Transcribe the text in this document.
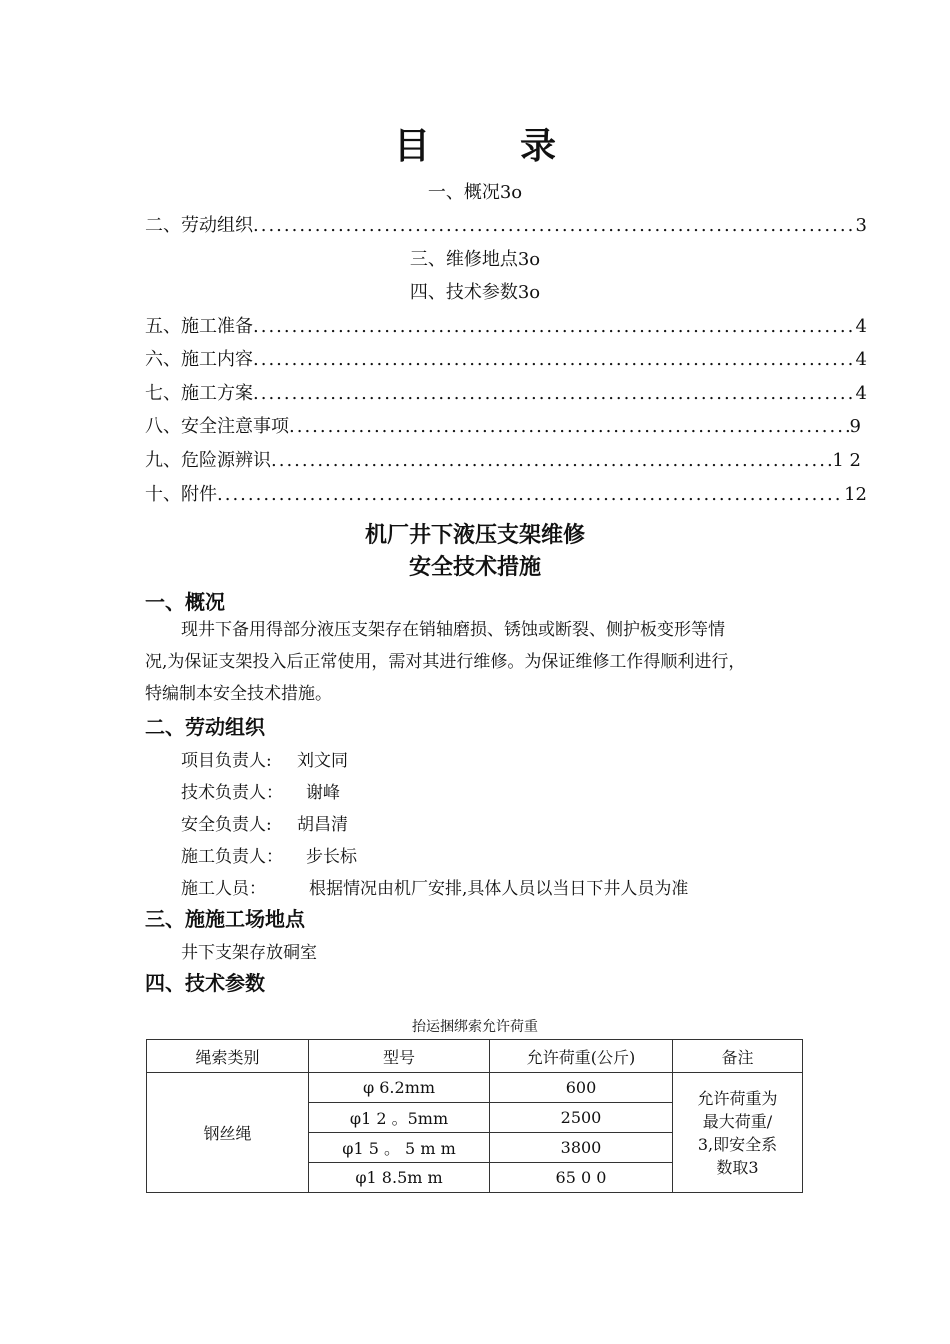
目	录
一、概况3o
二、劳动组织 .....	3
三、维修地点3o
四、技术参数3o
五、施工准备 .....	4
六、施工内容 .....	4
七、施工方案 .....	4
八、安全注意事项 .....	9
九、危险源辨识 .....	1 2
十、附件 .....	12
机厂井下液压支架维修
安全技术措施
一、概况
现井下备用得部分液压支架存在销轴磨损、锈蚀或断裂、侧护板变形等情
况,为保证支架投入后正常使用，需对其进行维修。为保证维修工作得顺利进行，
特编制本安全技术措施。
二、劳动组织
项目负责人: 刘文同
技术负责人： 谢峰
安全负责人: 胡昌清
施工负责人： 步长标
施工人员：	根据情况由机厂安排,具体人员以当日下井人员为准
三、施施工场地点
井下支架存放硐室
四、技术参数
抬运捆绑索允许荷重
绳索类别	型号	允许荷重(公斤)	备注
钢丝绳	φ 6.2mm	600	允许荷重为
最大荷重/
3,即安全系
数取3

	φ1 2 。5mm	2500	
	φ1 5 。 5 m m	3800	
	φ1 8.5m m	65 0 0	
